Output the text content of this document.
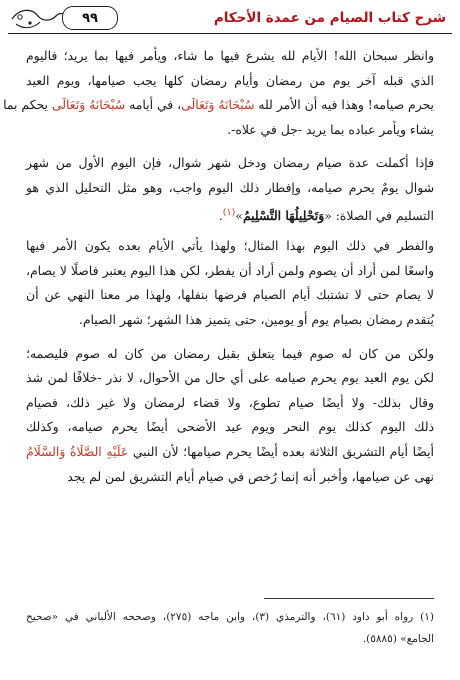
٩٩	شرح كتاب الصيام من عمدة الأحكام
وانظر سبحان الله! الأيام لله يشرع فيها ما شاء، ويأمر فيها بما يريد؛ فاليوم
الذي قبله آخر يوم من رمضان وأيام رمضان كلها يجب صيامها، ويوم العيد
يحرم صيامه! وهذا فيه أن الأمر لله سُبْحَانَهُ وَتَعَالَى، في أيامه سُبْحَانَهُ وَتَعَالَى يحكم بما
يشاء ويأمر عباده بما يريد -جل في علاه-.
فإذا أكملت عدة صيام رمضان ودخل شهر شوال، فإن اليوم الأول من شهر
شوال يومٌ يحرم صيامه، وإفطار ذلك اليوم واجب، وهو مثل التحليل الذي هو
التسليم في الصلاة: «وَتَحْلِيلُهَا التَّسْلِيمُ»$^{(١)}$.
والفطر في ذلك اليوم بهذا المثال؛ ولهذا يأتي الأيام بعده يكون الأمر فيها
واسعًا لمن أراد أن يصوم ولمن أراد أن يفطر، لكن هذا اليوم يعتبر فاصلًا لا يصام،
لا يصام حتى لا تشتبك أيام الصيام فرضها بنفلها، ولهذا مر معنا النهي عن أن
يُتقدم رمضان بصيام يوم أو يومين، حتى يتميز هذا الشهر؛ شهر الصيام.
ولكن من كان له صوم فيما يتعلق بقبل رمضان من كان له صوم فليصمه؛
لكن يوم العيد يوم يحرم صيامه على أي حال من الأحوال، لا نذر -خلافًا لمن شذ
وقال بذلك- ولا أيضًا صيام تطوع، ولا قضاء لرمضان ولا غير ذلك، فصيام
ذلك اليوم كذلك يوم النحر ويوم عيد الأضحى أيضًا يحرم صيامه، وكذلك
أيضًا أيام التشريق الثلاثة بعده أيضًا يحرم صيامها؛ لأن النبي عَلَيْهِ الصَّلَاةُ وَالسَّلَامُ
نهى عن صيامها، وأخبر أنه إنما رُخص في صيام أيام التشريق لمن لم يجد
(١) رواه أبو داود (٦١)، والترمذي (٣)، وابن ماجه (٢٧٥)، وصححه الألباني في «صحيح
الجامع» (٥٨٨٥).
